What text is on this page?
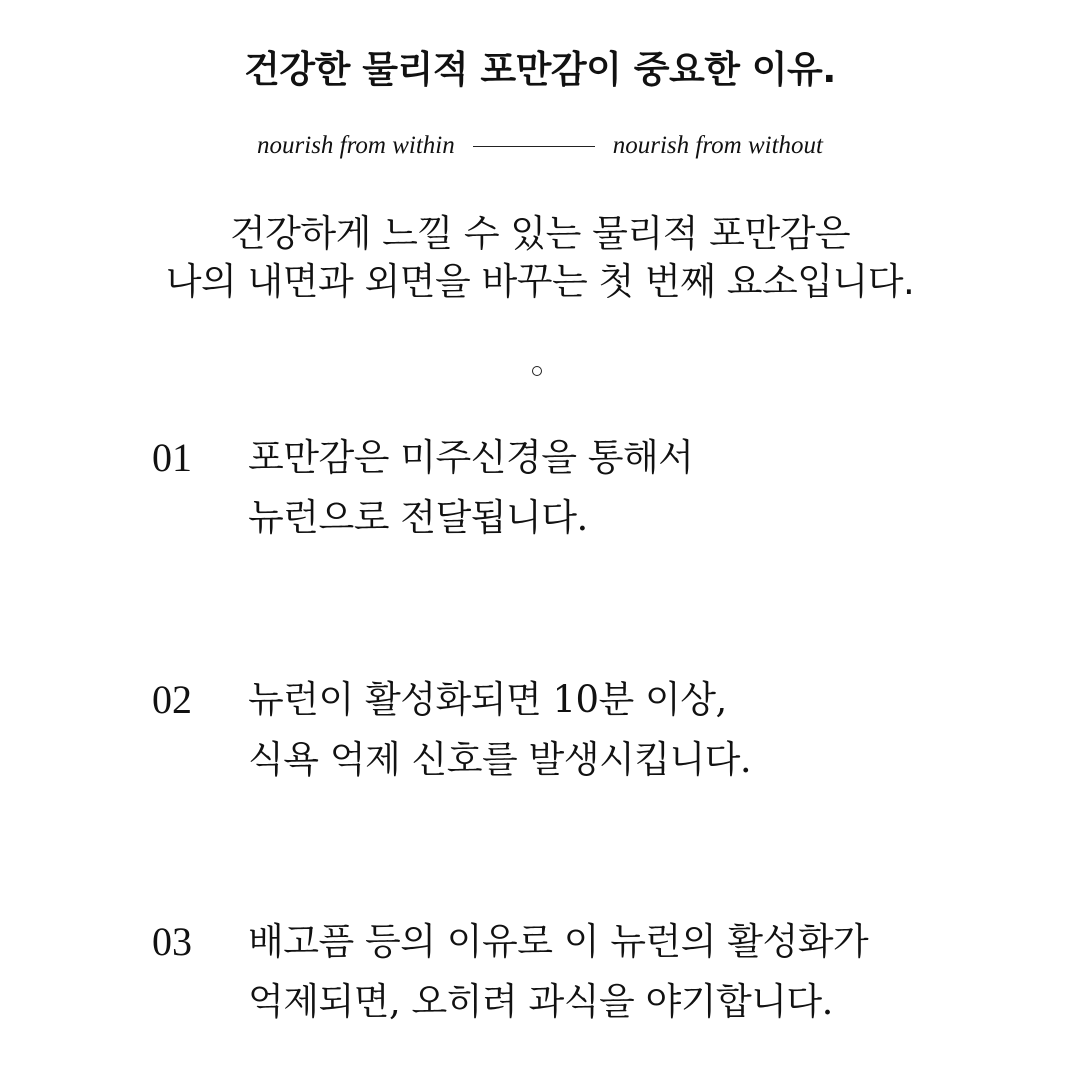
건강한 물리적 포만감이 중요한 이유.
nourish from within	nourish from without
건강하게 느낄 수 있는 물리적 포만감은
나의 내면과 외면을 바꾸는 첫 번째 요소입니다.
01 포만감은 미주신경을 통해서
뉴런으로 전달됩니다.
02 뉴런이 활성화되면 10분 이상,
식욕 억제 신호를 발생시킵니다.
03 배고픔 등의 이유로 이 뉴런의 활성화가
억제되면, 오히려 과식을 야기합니다.
